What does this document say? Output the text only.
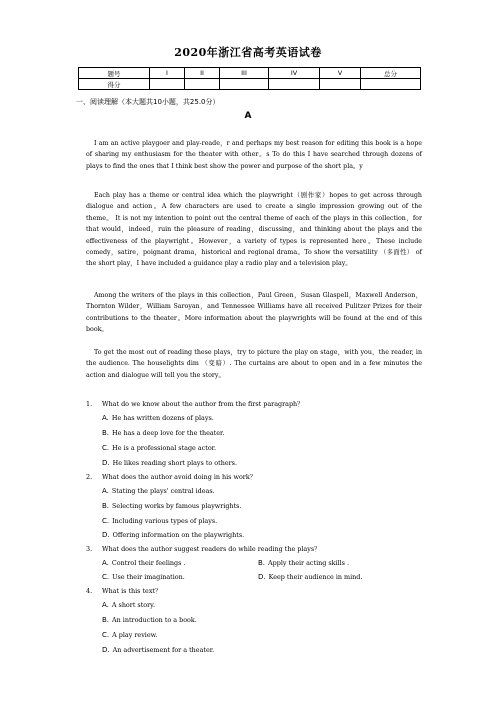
2020年浙江省高考英语试卷
题号	I	II	III	IV	V	总分
得分						
一、阅读理解（本大题共10小题，共25.0分）
A
I am an active playgoer and play-reade，r and perhaps my best reason for editing this book is a hope of sharing my enthusiasm for the theater with other。s To do this I have searched through dozens of plays to find the ones that I think best show the power and purpose of the short pla。y
Each play has a theme or central idea which the playwright（剧作家）hopes to get across through dialogue and action。A few characters are used to create a single impression growing out of the theme。 It is not my intention to point out the central theme of each of the plays in this collection，for that would，indeed，ruin the pleasure of reading，discussing，and thinking about the plays and the effectiveness of the playwright。However，a variety of types is represented here。These include comedy，satire，poignant drama，historical and regional drama。To show the versatility （多面性） of the short play，I have included a guidance play a radio play and a television play。
Among the writers of the plays in this collection，Paul Green，Susan Glaspell，Maxwell Anderson，Thornton Wilder，William Saroyan，and Tennessee Williams have all received Pulitzer Prizes for their contributions to the theater。More information about the playwrights will be found at the end of this book。
To get the most out of reading these plays，try to picture the play on stage，with you，the reader, in the audience. The houselights dim （变暗）. The curtains are about to open and in a few minutes the action and dialogue will tell you the story。
1. What do we know about the author from the first paragraph？
A. He has written dozens of plays.
B. He has a deep love for the theater.
C. He is a professional stage actor.
D. He likes reading short plays to others.
2. What does the author avoid doing in his work？
A. Stating the plays' central ideas.
B. Selecting works by famous playwrights.
C. Including various types of plays.
D. Offering information on the playwrights.
3. What does the author suggest readers do while reading the plays？
A. Control their feelings .	B. Apply their acting skills .
C. Use their imagination.	D. Keep their audience in mind.
4. What is this text？
A. A short story.
B. An introduction to a book.
C. A play review.
D. An advertisement for a theater.
